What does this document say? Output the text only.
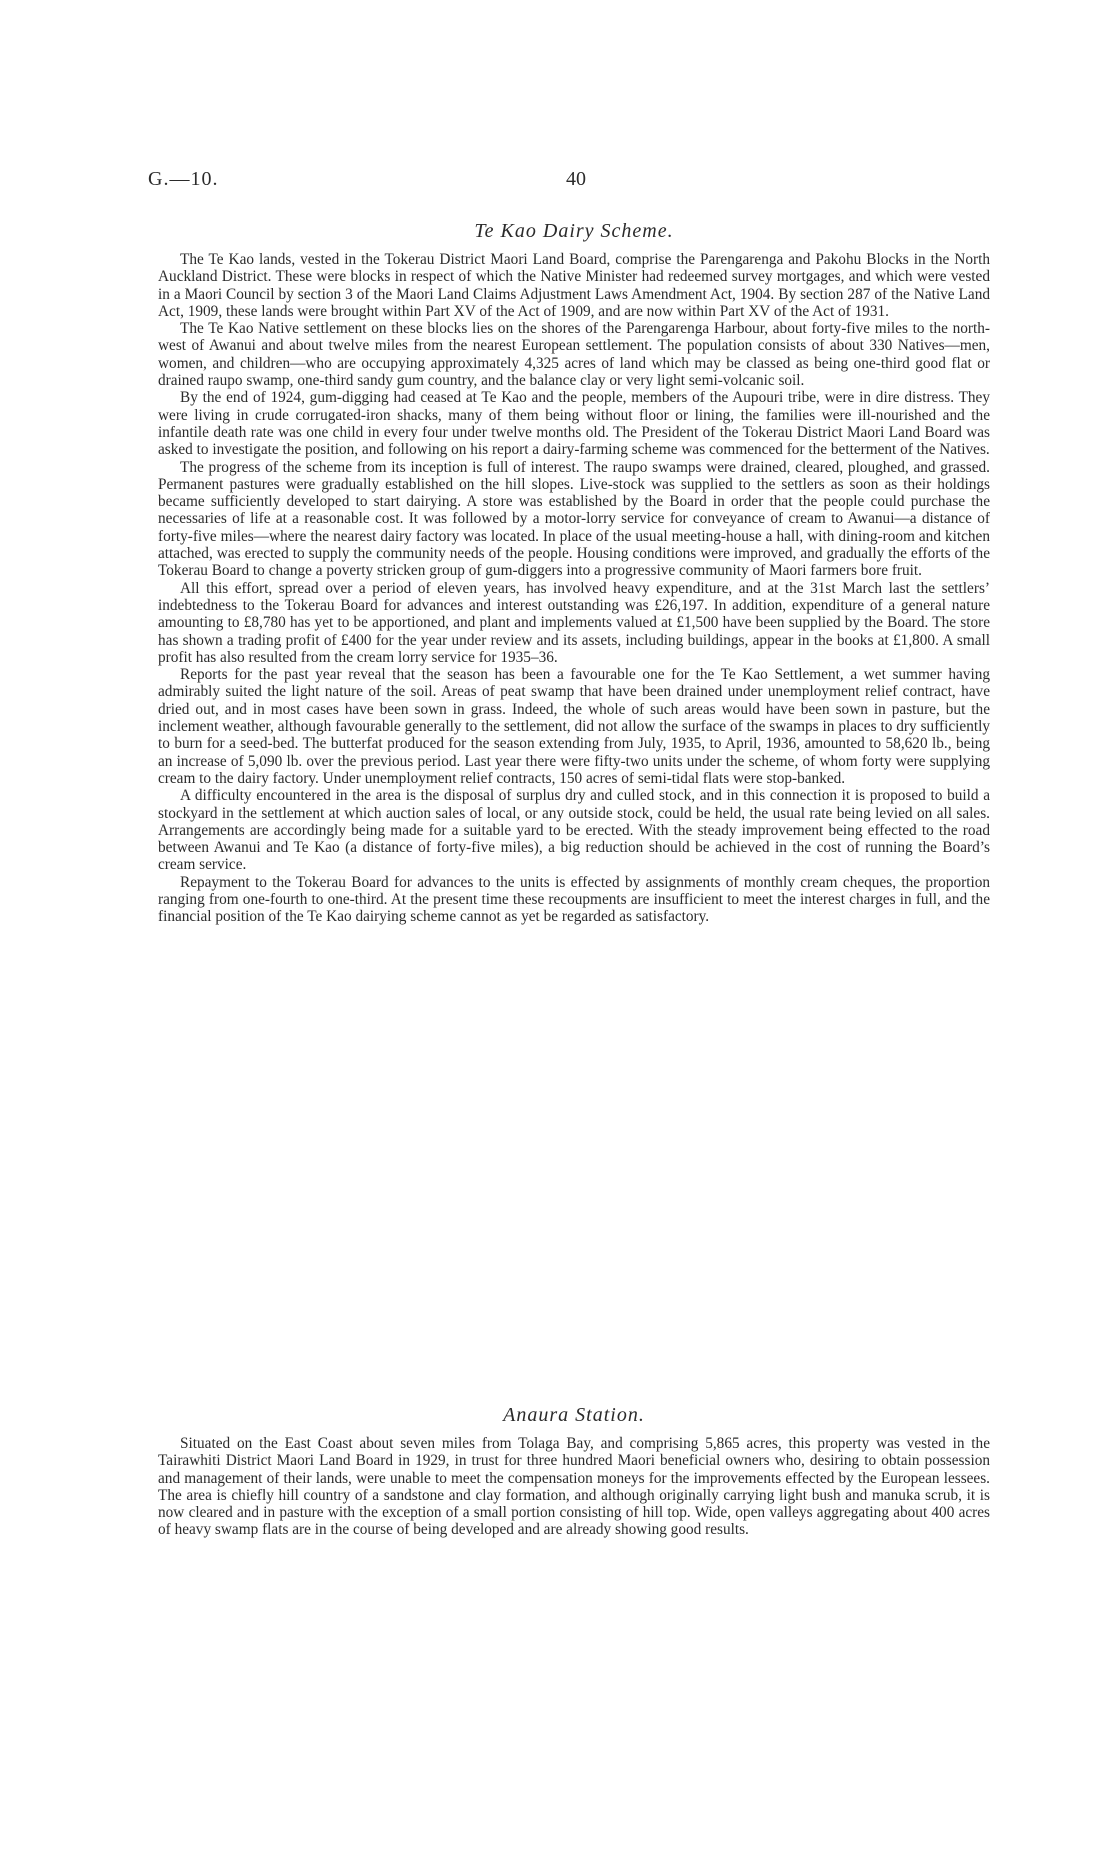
G.—10.	40
Te Kao Dairy Scheme.

The Te Kao lands, vested in the Tokerau District Maori Land Board, comprise the Parengarenga and Pakohu Blocks in the North Auckland District. These were blocks in respect of which the Native Minister had redeemed survey mortgages, and which were vested in a Maori Council by section 3 of the Maori Land Claims Adjustment Laws Amendment Act, 1904. By section 287 of the Native Land Act, 1909, these lands were brought within Part XV of the Act of 1909, and are now within Part XV of the Act of 1931.

The Te Kao Native settlement on these blocks lies on the shores of the Parengarenga Harbour, about forty-five miles to the north-west of Awanui and about twelve miles from the nearest European settlement. The population consists of about 330 Natives—men, women, and children—who are occupying approximately 4,325 acres of land which may be classed as being one-third good flat or drained raupo swamp, one-third sandy gum country, and the balance clay or very light semi-volcanic soil.

By the end of 1924, gum-digging had ceased at Te Kao and the people, members of the Aupouri tribe, were in dire distress. They were living in crude corrugated-iron shacks, many of them being without floor or lining, the families were ill-nourished and the infantile death rate was one child in every four under twelve months old. The President of the Tokerau District Maori Land Board was asked to investigate the position, and following on his report a dairy-farming scheme was commenced for the betterment of the Natives.

The progress of the scheme from its inception is full of interest. The raupo swamps were drained, cleared, ploughed, and grassed. Permanent pastures were gradually established on the hill slopes. Live-stock was supplied to the settlers as soon as their holdings became sufficiently developed to start dairying. A store was established by the Board in order that the people could purchase the necessaries of life at a reasonable cost. It was followed by a motor-lorry service for conveyance of cream to Awanui—a distance of forty-five miles—where the nearest dairy factory was located. In place of the usual meeting-house a hall, with dining-room and kitchen attached, was erected to supply the community needs of the people. Housing conditions were improved, and gradually the efforts of the Tokerau Board to change a poverty stricken group of gum-diggers into a progressive community of Maori farmers bore fruit.

All this effort, spread over a period of eleven years, has involved heavy expenditure, and at the 31st March last the settlers’ indebtedness to the Tokerau Board for advances and interest outstanding was £26,197. In addition, expenditure of a general nature amounting to £8,780 has yet to be apportioned, and plant and implements valued at £1,500 have been supplied by the Board. The store has shown a trading profit of £400 for the year under review and its assets, including buildings, appear in the books at £1,800. A small profit has also resulted from the cream lorry service for 1935–36.

Reports for the past year reveal that the season has been a favourable one for the Te Kao Settlement, a wet summer having admirably suited the light nature of the soil. Areas of peat swamp that have been drained under unemployment relief contract, have dried out, and in most cases have been sown in grass. Indeed, the whole of such areas would have been sown in pasture, but the inclement weather, although favourable generally to the settlement, did not allow the surface of the swamps in places to dry sufficiently to burn for a seed-bed. The butterfat produced for the season extending from July, 1935, to April, 1936, amounted to 58,620 lb., being an increase of 5,090 lb. over the previous period. Last year there were fifty-two units under the scheme, of whom forty were supplying cream to the dairy factory. Under unemployment relief contracts, 150 acres of semi-tidal flats were stop-banked.

A difficulty encountered in the area is the disposal of surplus dry and culled stock, and in this connection it is proposed to build a stockyard in the settlement at which auction sales of local, or any outside stock, could be held, the usual rate being levied on all sales. Arrangements are accordingly being made for a suitable yard to be erected. With the steady improvement being effected to the road between Awanui and Te Kao (a distance of forty-five miles), a big reduction should be achieved in the cost of running the Board’s cream service.

Repayment to the Tokerau Board for advances to the units is effected by assignments of monthly cream cheques, the proportion ranging from one-fourth to one-third. At the present time these recoupments are insufficient to meet the interest charges in full, and the financial position of the Te Kao dairying scheme cannot as yet be regarded as satisfactory.

Anaura Station.

Situated on the East Coast about seven miles from Tolaga Bay, and comprising 5,865 acres, this property was vested in the Tairawhiti District Maori Land Board in 1929, in trust for three hundred Maori beneficial owners who, desiring to obtain possession and management of their lands, were unable to meet the compensation moneys for the improvements effected by the European lessees. The area is chiefly hill country of a sandstone and clay formation, and although originally carrying light bush and manuka scrub, it is now cleared and in pasture with the exception of a small portion consisting of hill top. Wide, open valleys aggregating about 400 acres of heavy swamp flats are in the course of being developed and are already showing good results.
